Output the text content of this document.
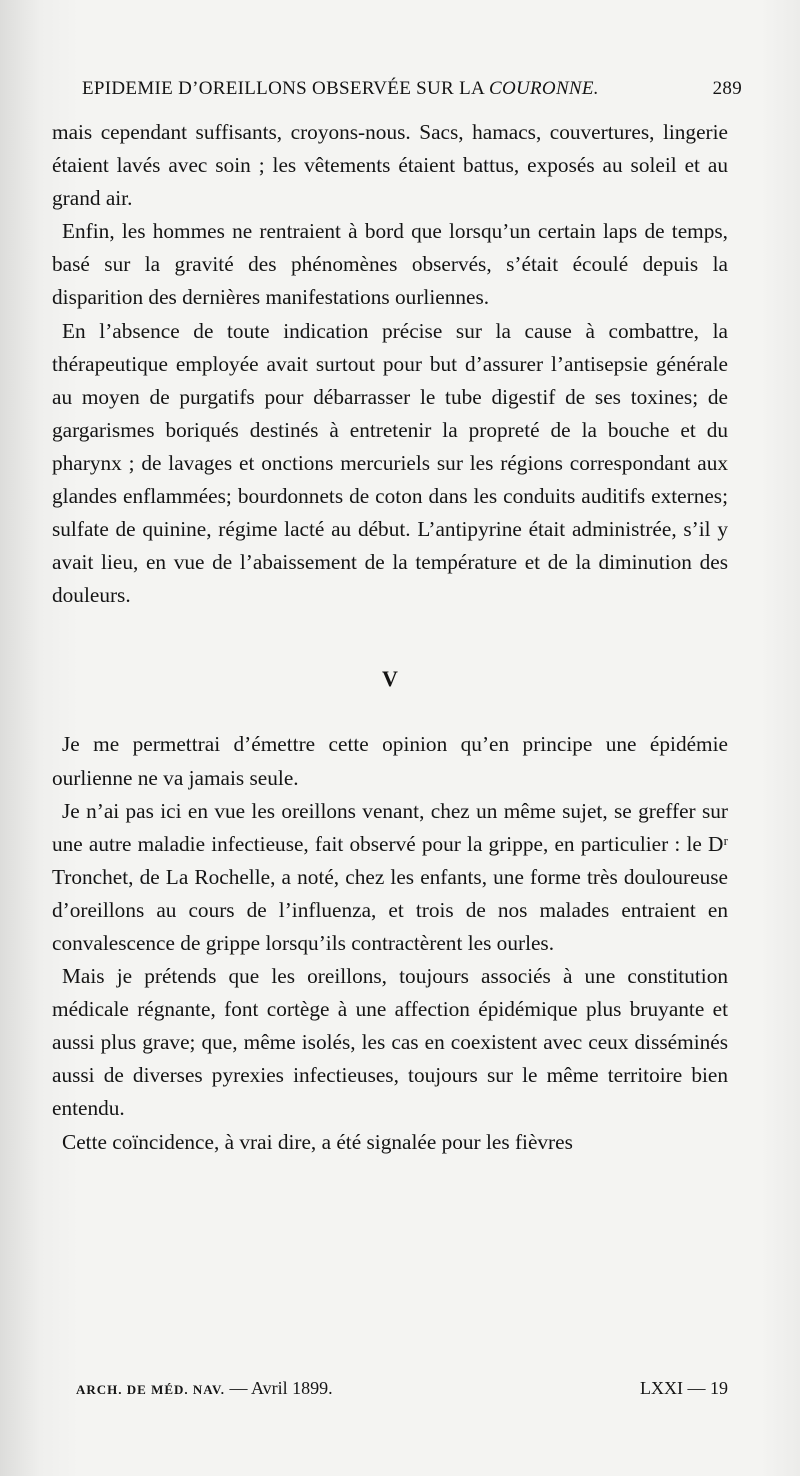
EPIDEMIE D’OREILLONS OBSERVÉE SUR LA COURONNE.	289

mais cependant suffisants, croyons-nous. Sacs, hamacs, couvertures, lingerie étaient lavés avec soin ; les vêtements étaient battus, exposés au soleil et au grand air.

Enfin, les hommes ne rentraient à bord que lorsqu’un certain laps de temps, basé sur la gravité des phénomènes observés, s’était écoulé depuis la disparition des dernières manifestations ourliennes.

En l’absence de toute indication précise sur la cause à combattre, la thérapeutique employée avait surtout pour but d’assurer l’antisepsie générale au moyen de purgatifs pour débarrasser le tube digestif de ses toxines; de gargarismes boriqués destinés à entretenir la propreté de la bouche et du pharynx ; de lavages et onctions mercuriels sur les régions correspondant aux glandes enflammées; bourdonnets de coton dans les conduits auditifs externes; sulfate de quinine, régime lacté au début. L’antipyrine était administrée, s’il y avait lieu, en vue de l’abaissement de la température et de la diminution des douleurs.

V

Je me permettrai d’émettre cette opinion qu’en principe une épidémie ourlienne ne va jamais seule.

Je n’ai pas ici en vue les oreillons venant, chez un même sujet, se greffer sur une autre maladie infectieuse, fait observé pour la grippe, en particulier : le Dʳ Tronchet, de La Rochelle, a noté, chez les enfants, une forme très douloureuse d’oreillons au cours de l’influenza, et trois de nos malades entraient en convalescence de grippe lorsqu’ils contractèrent les ourles.

Mais je prétends que les oreillons, toujours associés à une constitution médicale régnante, font cortège à une affection épidémique plus bruyante et aussi plus grave; que, même isolés, les cas en coexistent avec ceux disséminés aussi de diverses pyrexies infectieuses, toujours sur le même territoire bien entendu.

Cette coïncidence, à vrai dire, a été signalée pour les fièvres

ARCH. DE MÉD. NAV. — Avril 1899.	LXXI — 19
